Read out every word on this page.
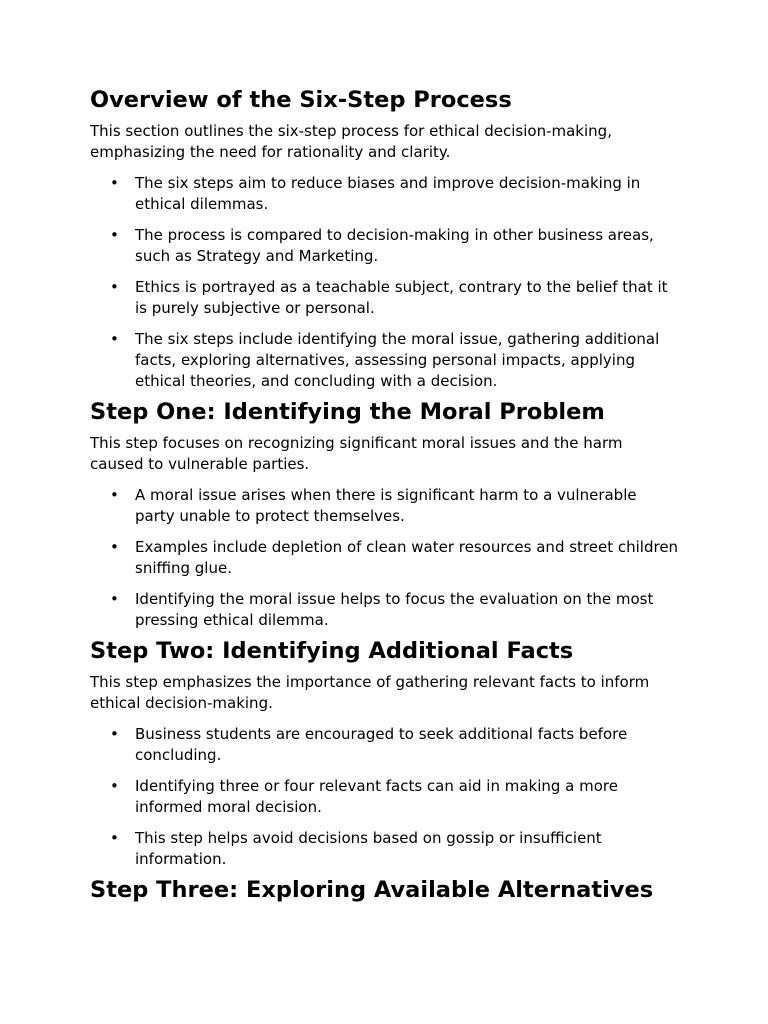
Overview of the Six-Step Process

This section outlines the six-step process for ethical decision-making, emphasizing the need for rationality and clarity.

• The six steps aim to reduce biases and improve decision-making in ethical dilemmas.
• The process is compared to decision-making in other business areas, such as Strategy and Marketing.
• Ethics is portrayed as a teachable subject, contrary to the belief that it is purely subjective or personal.
• The six steps include identifying the moral issue, gathering additional facts, exploring alternatives, assessing personal impacts, applying ethical theories, and concluding with a decision.
Step One: Identifying the Moral Problem

This step focuses on recognizing significant moral issues and the harm caused to vulnerable parties.

• A moral issue arises when there is significant harm to a vulnerable party unable to protect themselves.
• Examples include depletion of clean water resources and street children sniffing glue.
• Identifying the moral issue helps to focus the evaluation on the most pressing ethical dilemma.
Step Two: Identifying Additional Facts

This step emphasizes the importance of gathering relevant facts to inform ethical decision-making.

• Business students are encouraged to seek additional facts before concluding.
• Identifying three or four relevant facts can aid in making a more informed moral decision.
• This step helps avoid decisions based on gossip or insufficient information.
Step Three: Exploring Available Alternatives
